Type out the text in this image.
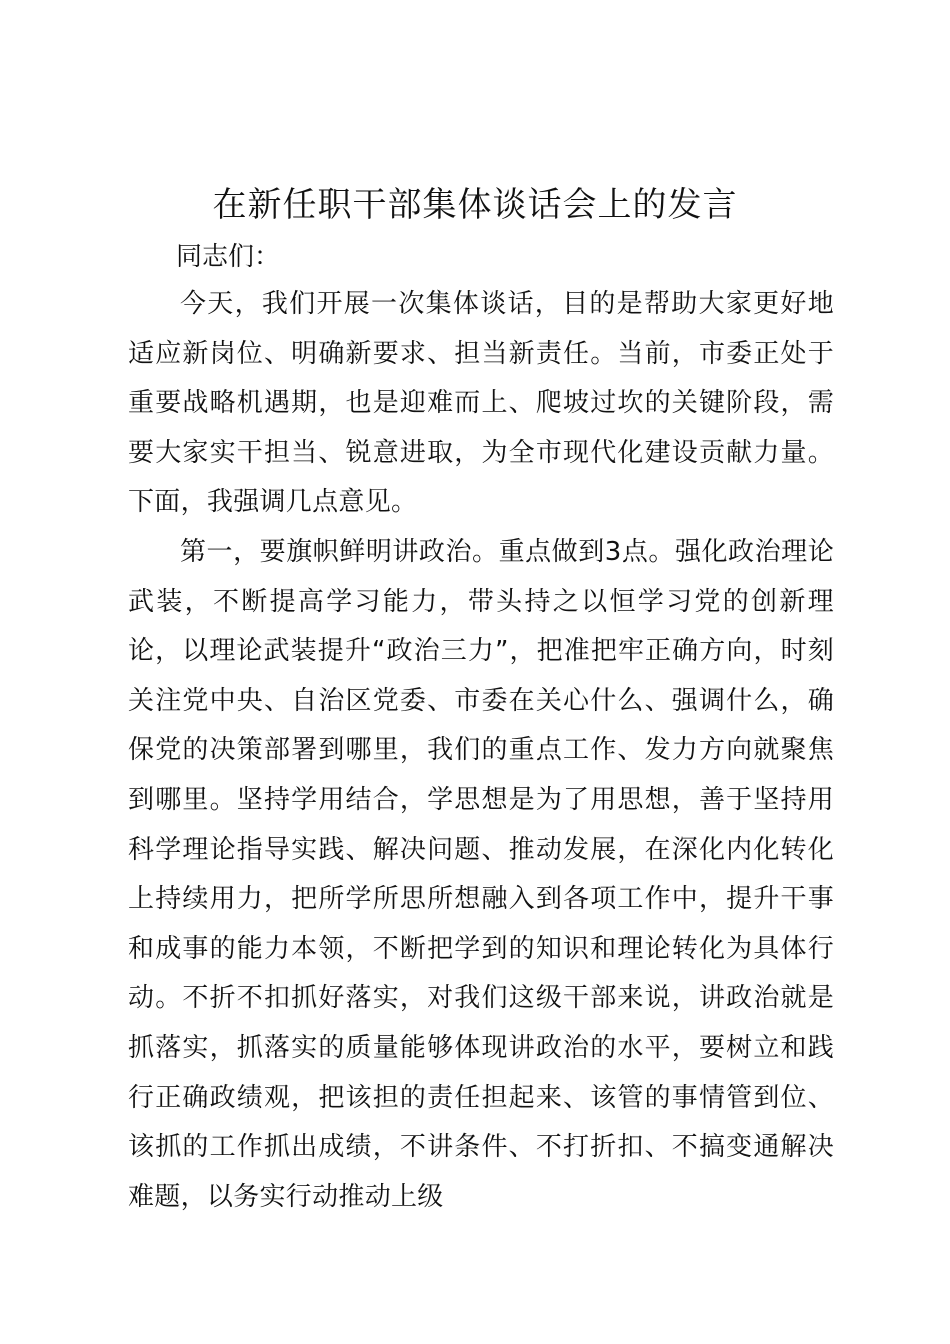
在新任职干部集体谈话会上的发言

同志们：

今天，我们开展一次集体谈话，目的是帮助大家更好地适应新岗位、明确新要求、担当新责任。当前，市委正处于重要战略机遇期，也是迎难而上、爬坡过坎的关键阶段，需要大家实干担当、锐意进取，为全市现代化建设贡献力量。下面，我强调几点意见。

第一，要旗帜鲜明讲政治。重点做到3点。强化政治理论武装，不断提高学习能力，带头持之以恒学习党的创新理论，以理论武装提升“政治三力”，把准把牢正确方向，时刻关注党中央、自治区党委、市委在关心什么、强调什么，确保党的决策部署到哪里，我们的重点工作、发力方向就聚焦到哪里。坚持学用结合，学思想是为了用思想，善于坚持用科学理论指导实践、解决问题、推动发展，在深化内化转化上持续用力，把所学所思所想融入到各项工作中，提升干事和成事的能力本领，不断把学到的知识和理论转化为具体行动。不折不扣抓好落实，对我们这级干部来说，讲政治就是抓落实，抓落实的质量能够体现讲政治的水平，要树立和践行正确政绩观，把该担的责任担起来、该管的事情管到位、该抓的工作抓出成绩，不讲条件、不打折扣、不搞变通解决难题，以务实行动推动上级
